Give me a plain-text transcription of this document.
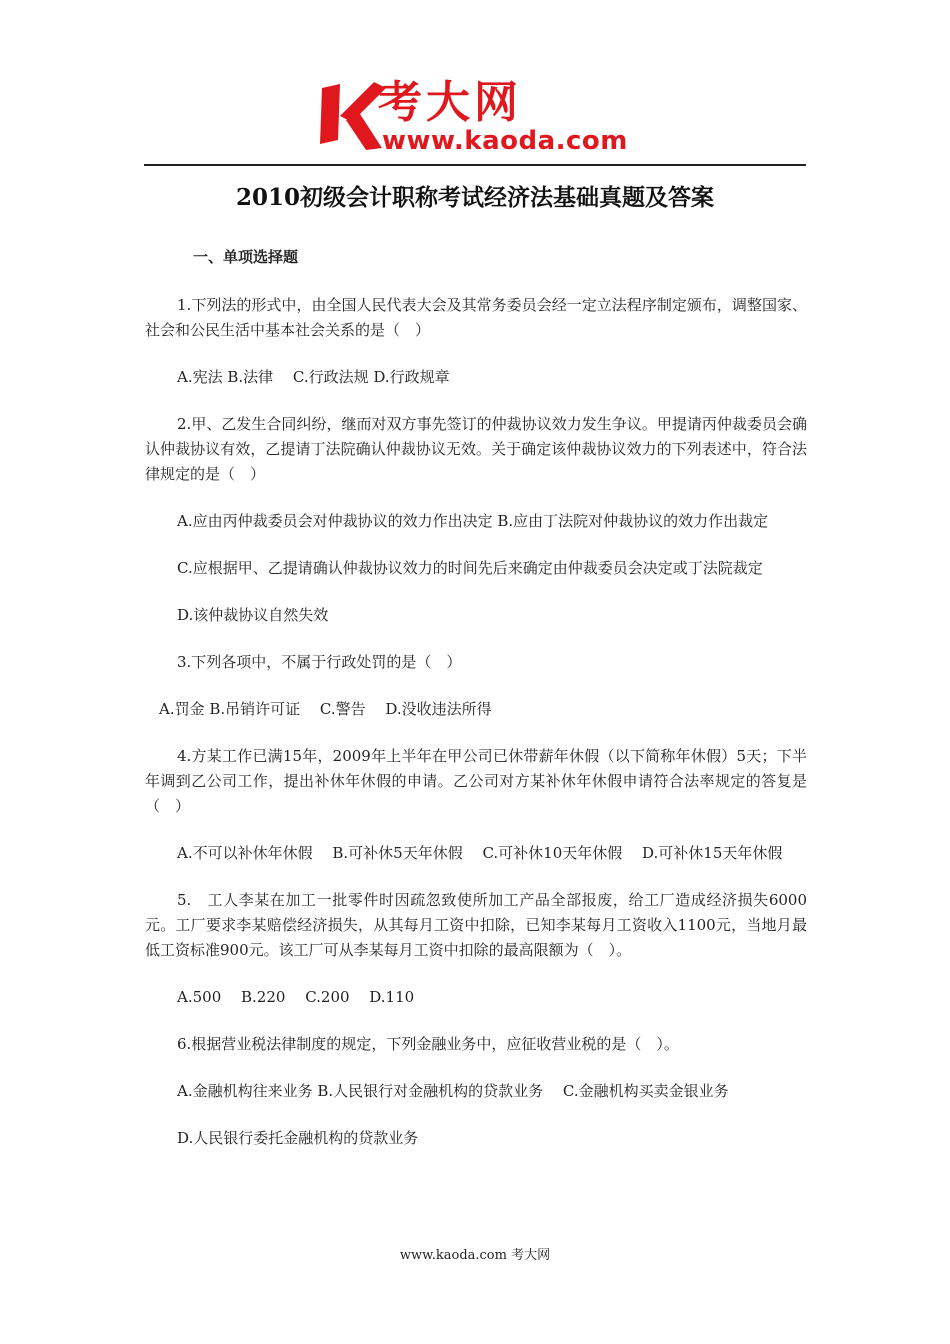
考大网
www.kaoda.com
2010初级会计职称考试经济法基础真题及答案
一、单项选择题

1.下列法的形式中，由全国人民代表大会及其常务委员会经一定立法程序制定颁布，调整国家、社会和公民生活中基本社会关系的是（　）

A.宪法 B.法律　 C.行政法规 D.行政规章

2.甲、乙发生合同纠纷，继而对双方事先签订的仲裁协议效力发生争议。甲提请丙仲裁委员会确认仲裁协议有效，乙提请丁法院确认仲裁协议无效。关于确定该仲裁协议效力的下列表述中，符合法律规定的是（　）

A.应由丙仲裁委员会对仲裁协议的效力作出决定 B.应由丁法院对仲裁协议的效力作出裁定

C.应根据甲、乙提请确认仲裁协议效力的时间先后来确定由仲裁委员会决定或丁法院裁定

D.该仲裁协议自然失效

3.下列各项中，不属于行政处罚的是（　）

A.罚金 B.吊销许可证　 C.警告　 D.没收违法所得

4.方某工作已满15年，2009年上半年在甲公司已休带薪年休假（以下简称年休假）5天；下半年调到乙公司工作，提出补休年休假的申请。乙公司对方某补休年休假申请符合法率规定的答复是（　）

A.不可以补休年休假　 B.可补休5天年休假　 C.可补休10天年休假　 D.可补休15天年休假

5.　工人李某在加工一批零件时因疏忽致使所加工产品全部报废，给工厂造成经济损失6000元。工厂要求李某赔偿经济损失，从其每月工资中扣除，已知李某每月工资收入1100元，当地月最低工资标准900元。该工厂可从李某每月工资中扣除的最高限额为（　）。

A.500　 B.220　 C.200　 D.110

6.根据营业税法律制度的规定，下列金融业务中，应征收营业税的是（　）。

A.金融机构往来业务 B.人民银行对金融机构的贷款业务　 C.金融机构买卖金银业务

D.人民银行委托金融机构的贷款业务

www.kaoda.com 考大网
